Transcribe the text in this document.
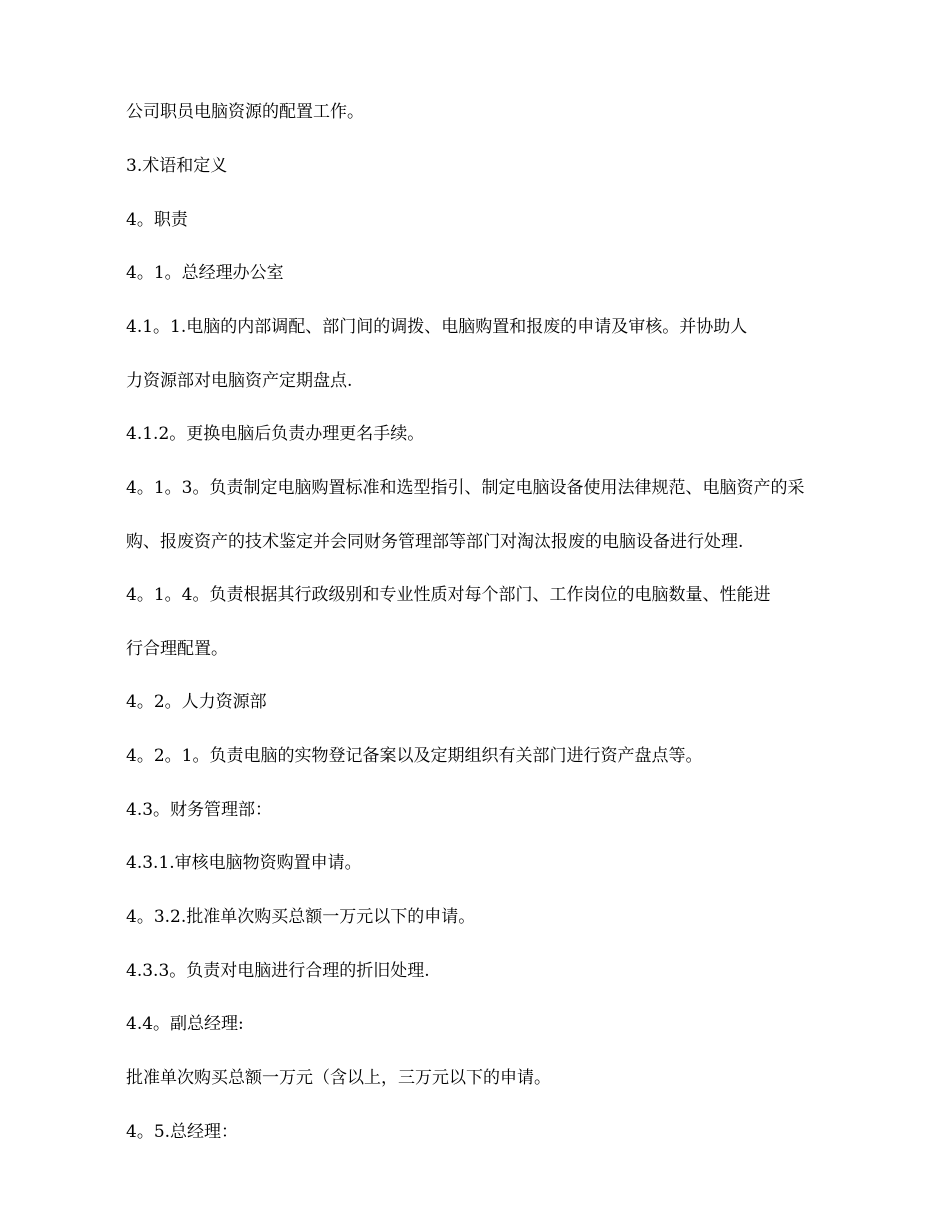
公司职员电脑资源的配置工作。
3.术语和定义
4。职责
4。1。总经理办公室
4.1。1.电脑的内部调配、部门间的调拨、电脑购置和报废的申请及审核。并协助人
力资源部对电脑资产定期盘点.
4.1.2。更换电脑后负责办理更名手续。
4。1。3。负责制定电脑购置标准和选型指引、制定电脑设备使用法律规范、电脑资产的采
购、报废资产的技术鉴定并会同财务管理部等部门对淘汰报废的电脑设备进行处理.
4。1。4。负责根据其行政级别和专业性质对每个部门、工作岗位的电脑数量、性能进
行合理配置。
4。2。人力资源部
4。2。1。负责电脑的实物登记备案以及定期组织有关部门进行资产盘点等。
4.3。财务管理部：
4.3.1.审核电脑物资购置申请。
4。3.2.批准单次购买总额一万元以下的申请。
4.3.3。负责对电脑进行合理的折旧处理.
4.4。副总经理:
批准单次购买总额一万元（含以上，三万元以下的申请。
4。5.总经理：
